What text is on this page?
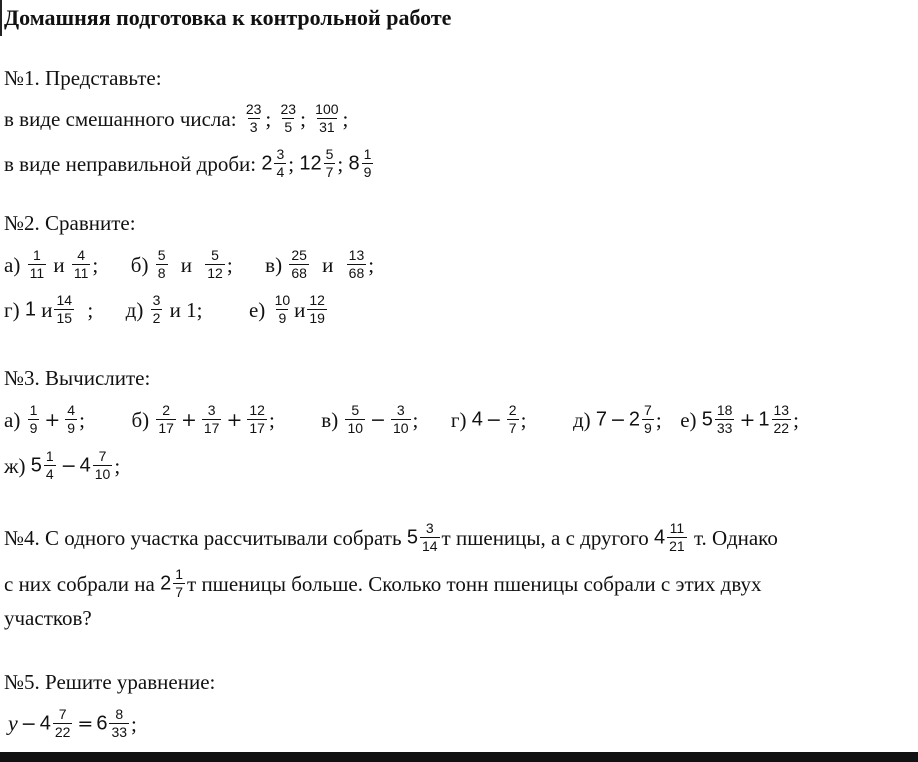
Домашняя подготовка к контрольной работе
№1. Представьте:
в виде смешанного числа: $\frac{23}{3}$ ; $\frac{23}{5}$ ; $\frac{100}{31}$ ;
в виде неправильной дроби: $2 \frac{3}{4}$ ; $12 \frac{5}{7}$ ; $8 \frac{1}{9}$
№2. Сравните:
$а) \frac{1}{11}$ и $\frac{4}{11}$ ; $б) \frac{5}{8}$ и $\frac{5}{12}$ ; $в) \frac{25}{68}$ и $\frac{13}{68}$ ;
г) 1 и $\frac{14}{15}$ ; $д) \frac{3}{2}$ и 1; $е) \frac{10}{9}$ и $\frac{12}{19}$
№3. Вычислите:
$а) \frac{1}{9} + \frac{4}{9}$ ; $б) \frac{2}{17} + \frac{3}{17} + \frac{12}{17}$ ; $в) \frac{5}{10} - \frac{3}{10}$ ; г) $4 - \frac{2}{7}$ ; д) $7 - 2 \frac{7}{9}$ ; е) $5 \frac{18}{33} + 1 \frac{13}{22}$ ;
ж) $5 \frac{1}{4} - 4 \frac{7}{10}$ ;
№4. С одного участка рассчитывали собрать $5 \frac{3}{14}$ т пшеницы, а с другого $4 \frac{11}{21} т$. Однако
с них собрали на $2 \frac{1}{7}$ т пшеницы больше. Сколько тонн пшеницы собрали с этих двух
участков?
№5. Решите уравнение:
$y - 4 \frac{7}{22} = 6 \frac{8}{33}$ ;
